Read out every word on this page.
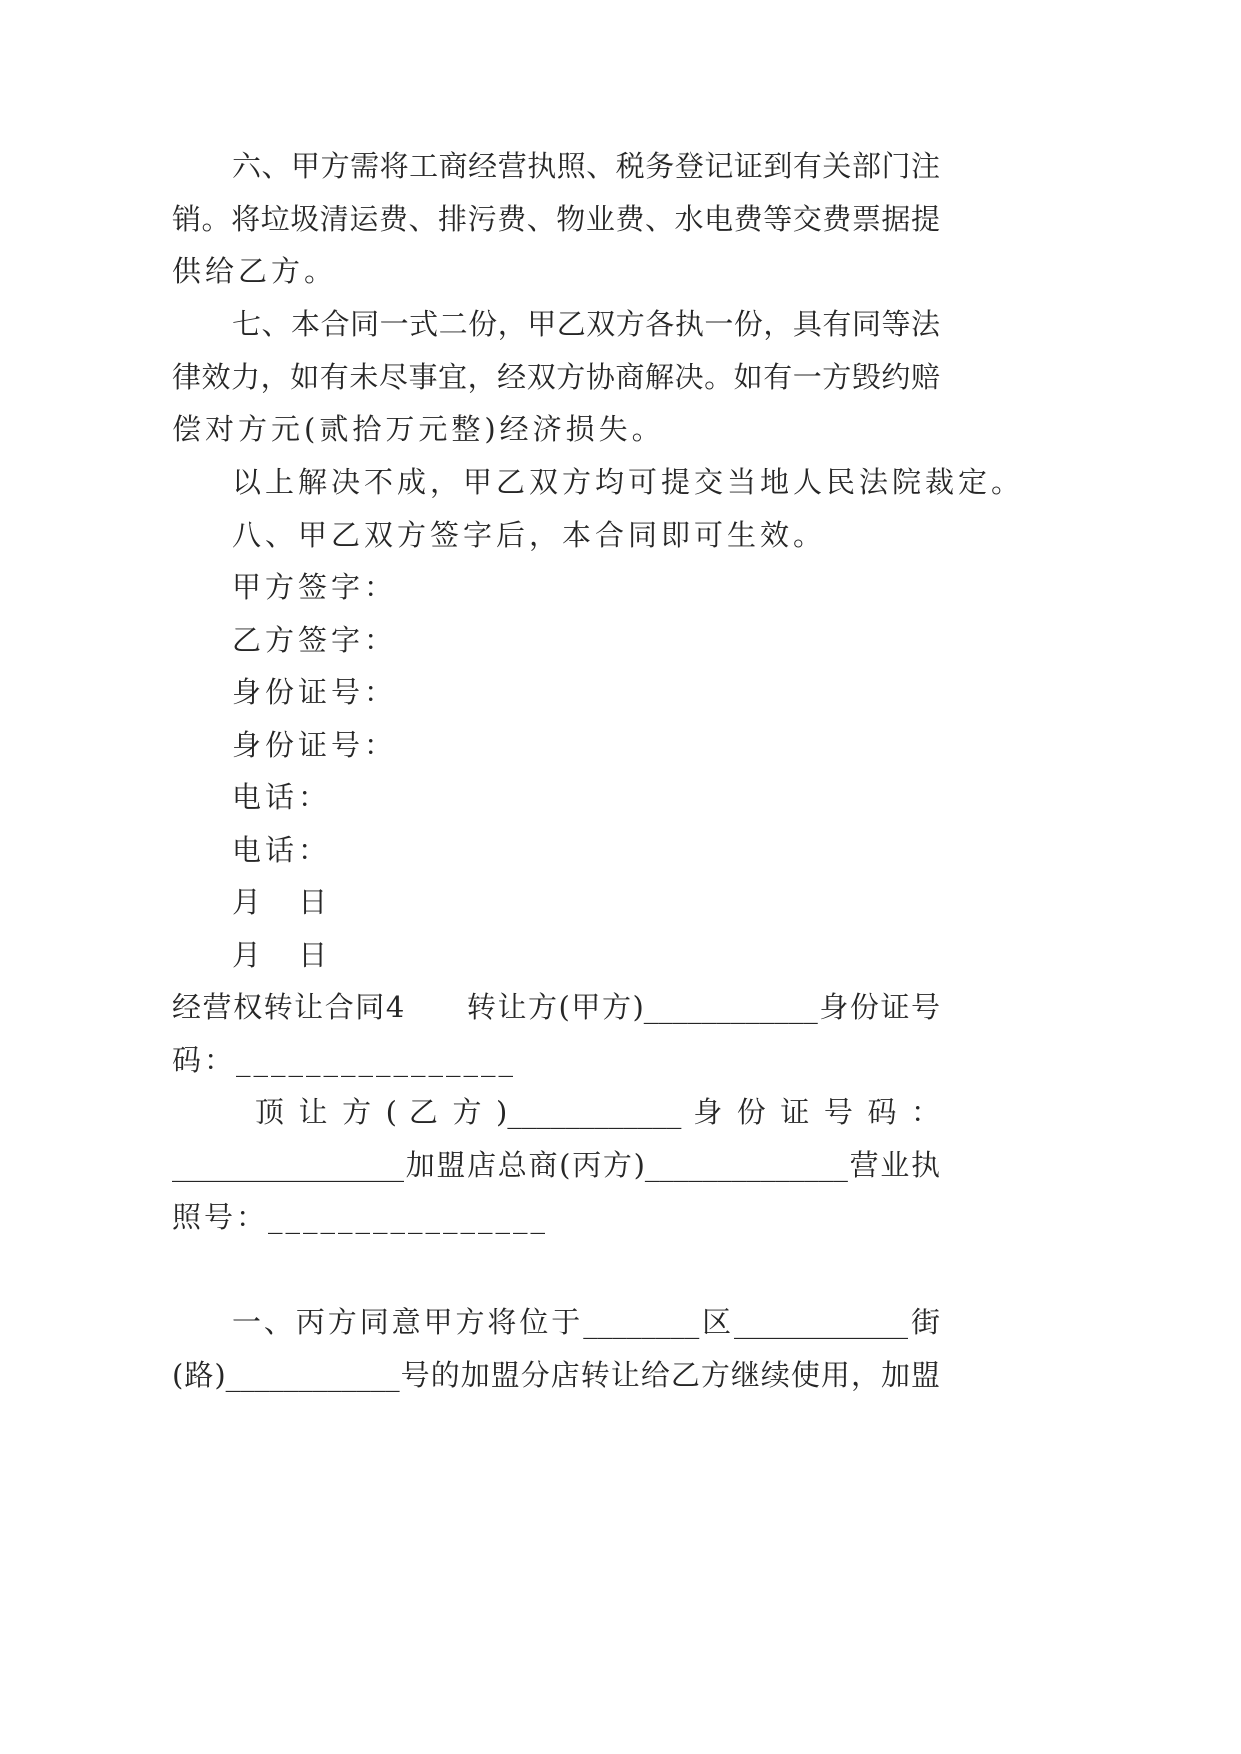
六、甲方需将工商经营执照、税务登记证到有关部门注
销。将垃圾清运费、排污费、物业费、水电费等交费票据提
供给乙方。
七、本合同一式二份，甲乙双方各执一份，具有同等法
律效力，如有未尽事宜，经双方协商解决。如有一方毁约赔
偿对方元(贰拾万元整)经济损失。
以上解决不成，甲乙双方均可提交当地人民法院裁定。
八、甲乙双方签字后，本合同即可生效。
甲方签字：
乙方签字：
身份证号：
身份证号：
电话：
电话：
月 日
月 日
经营权转让合同4　　转让方(甲方)____________身份证号
码：________________
顶 让 方 ( 乙 方 )____________ 身 份 证 号 码 ：
________________加盟店总商(丙方)______________营业执
照号：________________
一、丙方同意甲方将位于________区____________街
(路)____________号的加盟分店转让给乙方继续使用，加盟
